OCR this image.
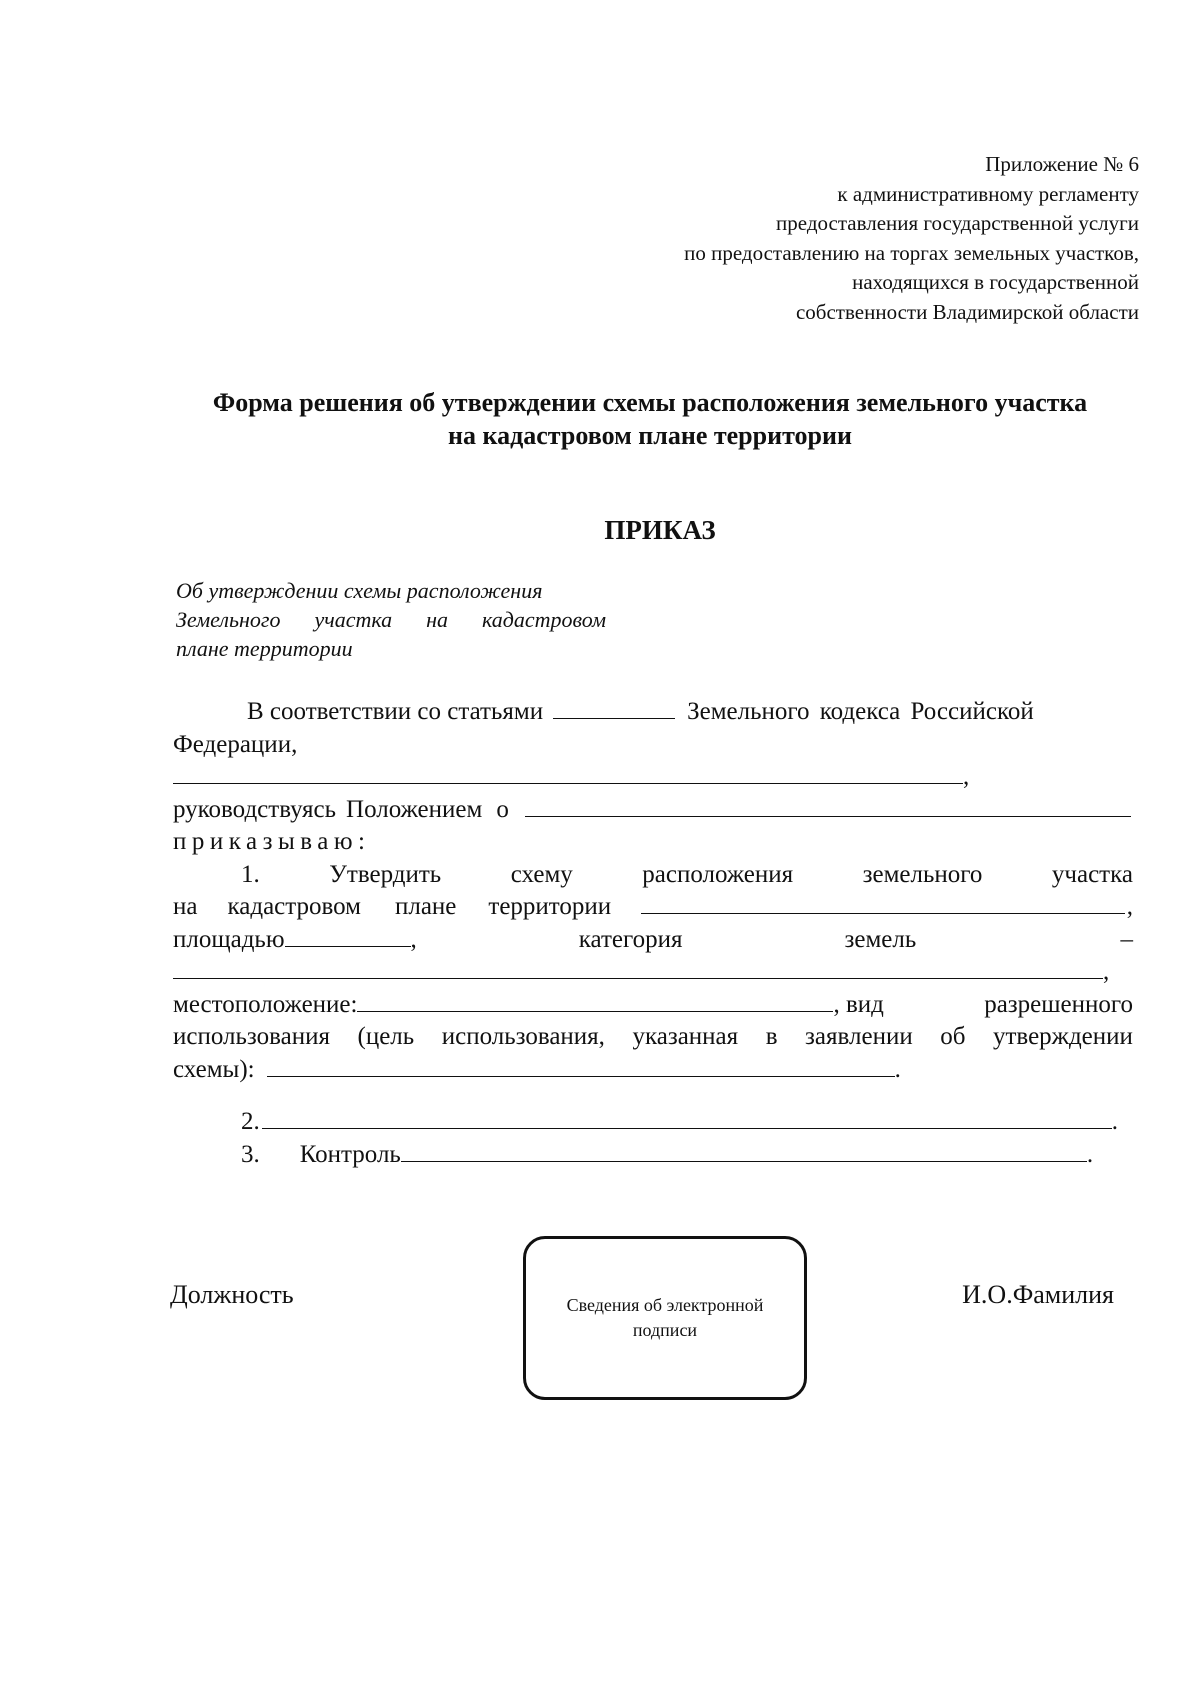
Приложение № 6
к административному регламенту
предоставления государственной услуги
по предоставлению на торгах земельных участков,
находящихся в государственной
собственности Владимирской области
Форма решения об утверждении схемы расположения земельного участка
на кадастровом плане территории
ПРИКАЗ
Об утверждении схемы расположения
Земельного участка на кадастровом
плане территории
В соответствии со статьями	Земельного кодекса Российской
Федерации,
,
руководствуясь Положением о
приказываю:
1.	Утвердить	схему	расположения	земельного	участка
на кадастровом плане территории	,
площадью	,	категория	земель	–
,
местоположение:	, вид	разрешенного
использования (цель использования, указанная в заявлении об утверждении
схемы):	.
2.	.
3. Контроль	.
Должность	Сведения об электронной
подписи
И.О.Фамилия
